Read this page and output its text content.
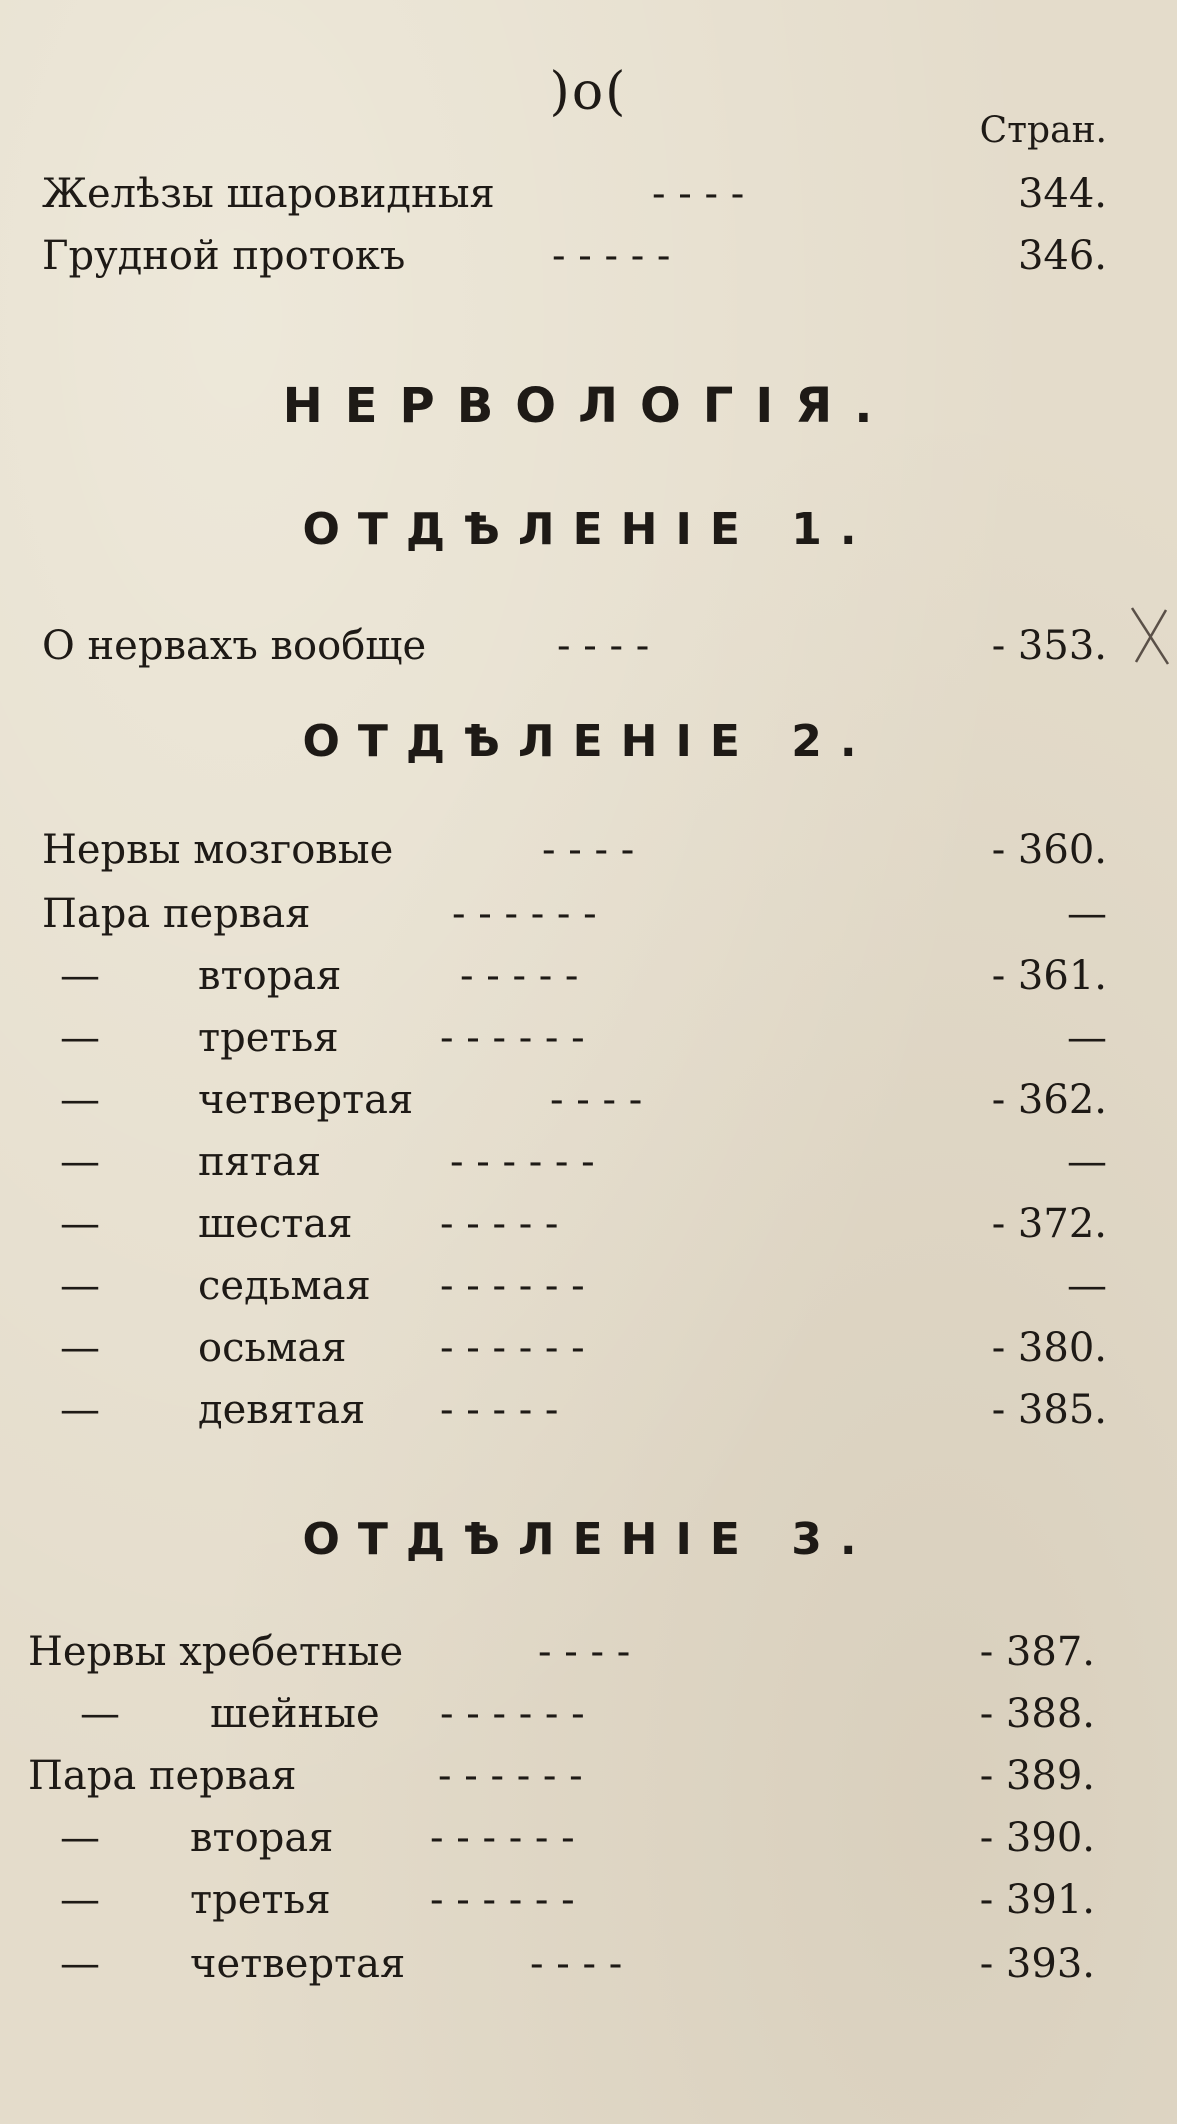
)o(
Стран.
Желѣзы шаровидныя	- - - -	344.
Грудной протокъ	- - - - -	346.
НЕРВОЛОГІЯ.
ОТДѢЛЕНІЕ 1.
О нервахъ вообще	- - - -	- 353.
ОТДѢЛЕНІЕ 2.
Нервы мозговые	- - - -	- 360.
Пара первая	- - - - - -	—
— вторая	- - - - -	- 361.
— третья	- - - - - -	—
— четвертая	- - - -	- 362.
— пятая	- - - - - -	—
— шестая - - - - -	- 372.
— седьмая - - - - - -	—
— осьмая - - - - - -	- 380.
— девятая - - - - -	- 385.
ОТДѢЛЕНІЕ 3.
Нервы хребетные	- - - -	- 387.
— шейные - - - - - -	- 388.
Пара первая	- - - - - -	- 389.
— вторая - - - - - -	- 390.
— третья - - - - - -	- 391.
— четвертая	- - - -	- 393.
